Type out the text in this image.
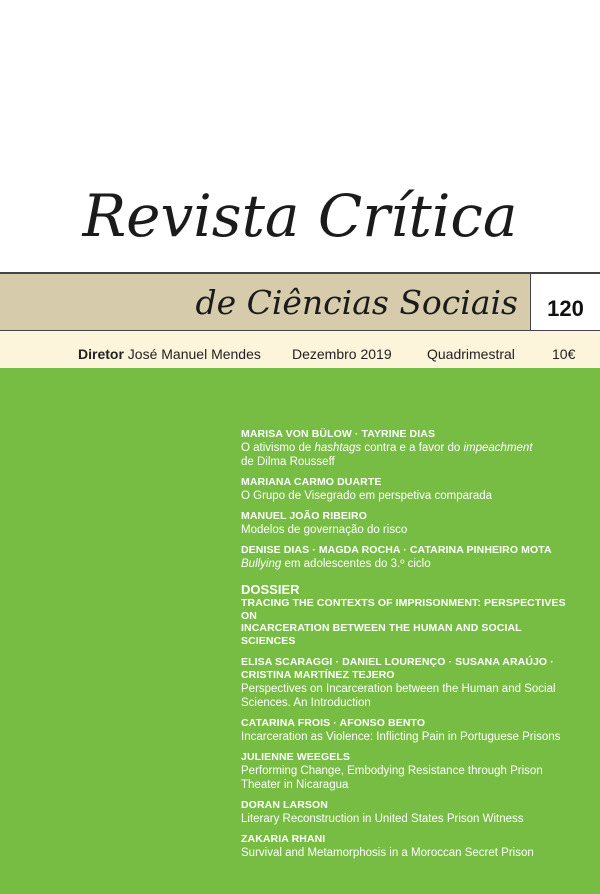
Revista Crítica
de Ciências Sociais	120
Diretor José Manuel Mendes Dezembro 2019	Quadrimestral	10€
MARISA VON BÜLOW · TAYRINE DIAS
O ativismo de hashtags contra e a favor do impeachment
de Dilma Rousseff
MARIANA CARMO DUARTE
O Grupo de Visegrado em perspetiva comparada
MANUEL JOÃO RIBEIRO
Modelos de governação do risco
DENISE DIAS · MAGDA ROCHA · CATARINA PINHEIRO MOTA
Bullying em adolescentes do 3.º ciclo
DOSSIER
TRACING THE CONTEXTS OF IMPRISONMENT: PERSPECTIVES ON
INCARCERATION BETWEEN THE HUMAN AND SOCIAL SCIENCES
ELISA SCARAGGI · DANIEL LOURENÇO · SUSANA ARAÚJO ·
CRISTINA MARTÍNEZ TEJERO
Perspectives on Incarceration between the Human and Social
Sciences. An Introduction
CATARINA FROIS · AFONSO BENTO
Incarceration as Violence: Inflicting Pain in Portuguese Prisons
JULIENNE WEEGELS
Performing Change, Embodying Resistance through Prison
Theater in Nicaragua
DORAN LARSON
Literary Reconstruction in United States Prison Witness
ZAKARIA RHANI
Survival and Metamorphosis in a Moroccan Secret Prison
